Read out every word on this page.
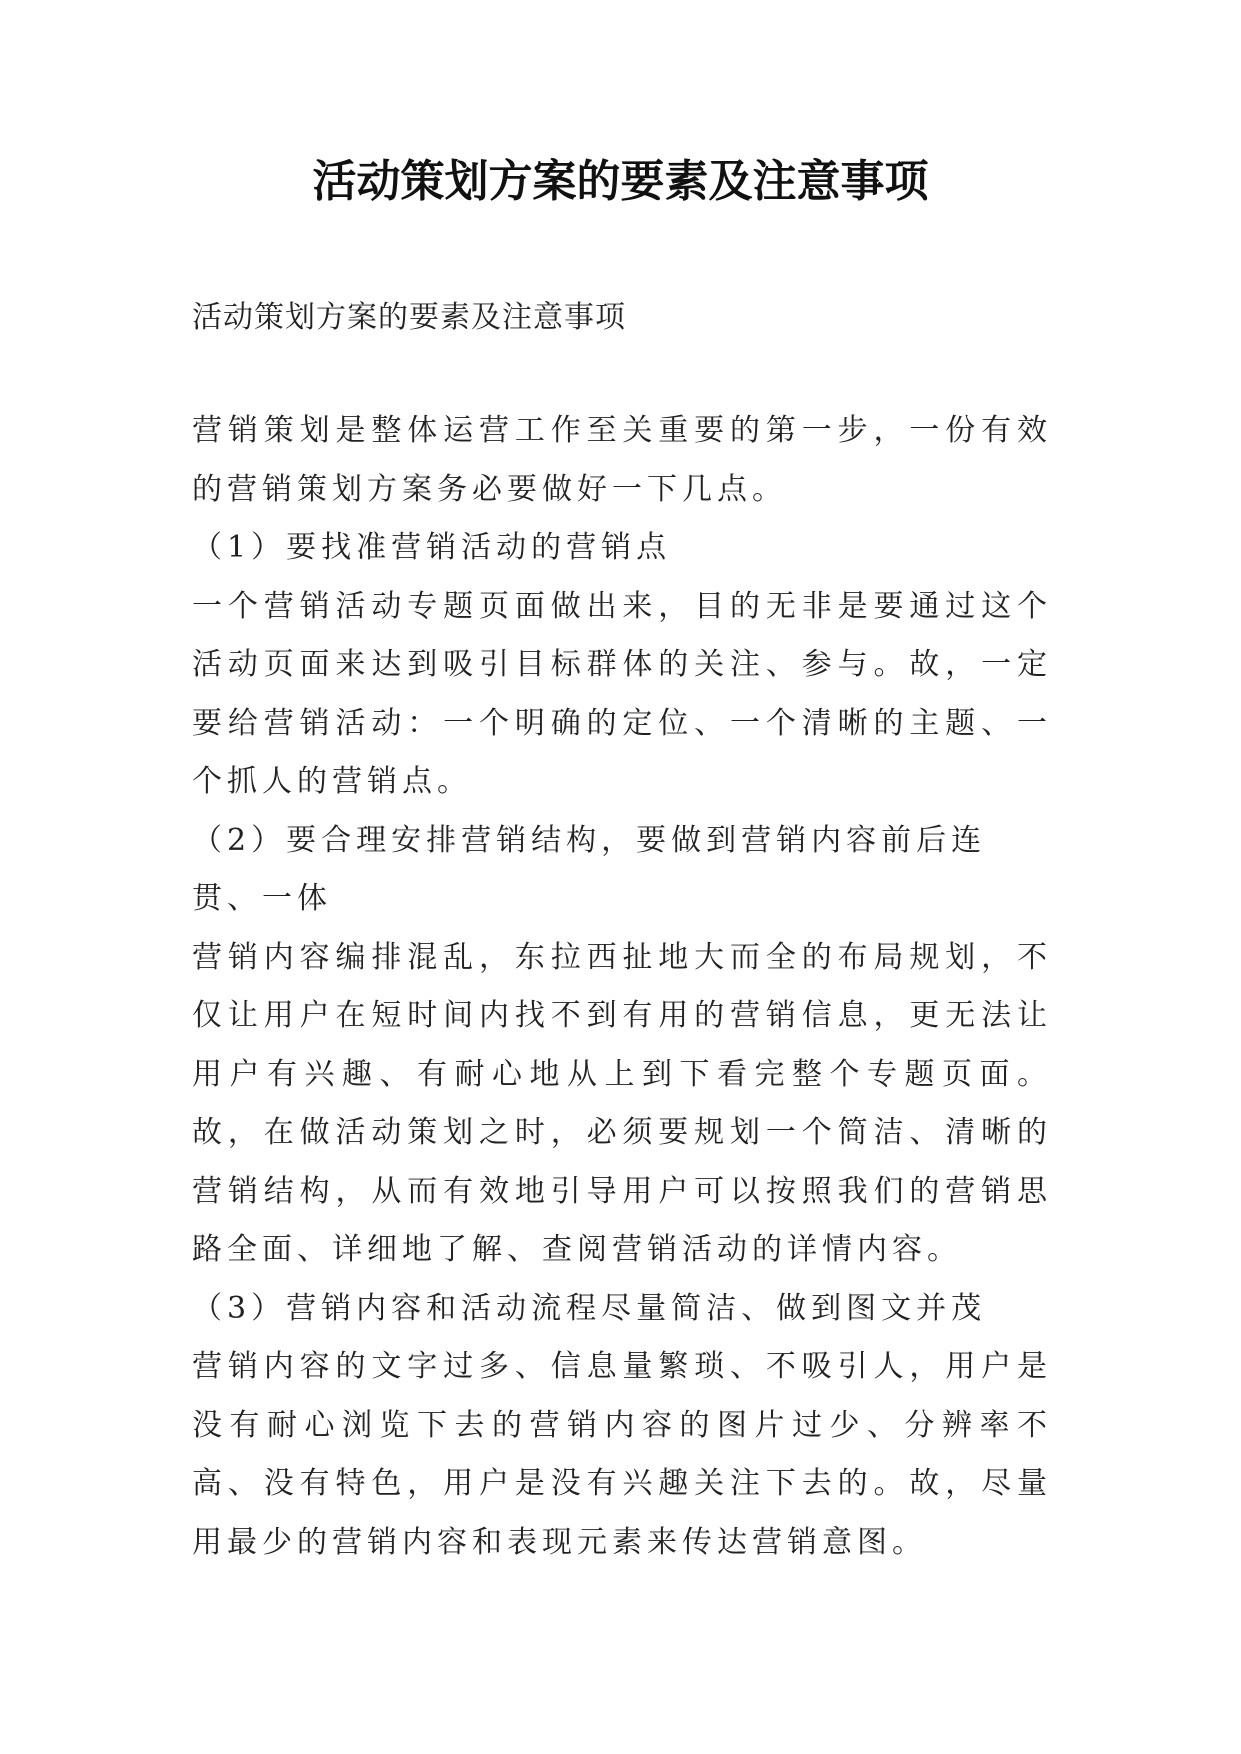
活动策划方案的要素及注意事项

活动策划方案的要素及注意事项

营销策划是整体运营工作至关重要的第一步，一份有效的营销策划方案务必要做好一下几点。

（1）要找准营销活动的营销点

一个营销活动专题页面做出来，目的无非是要通过这个活动页面来达到吸引目标群体的关注、参与。故，一定要给营销活动：一个明确的定位、一个清晰的主题、一个抓人的营销点。

（2）要合理安排营销结构，要做到营销内容前后连贯、一体

营销内容编排混乱，东拉西扯地大而全的布局规划，不仅让用户在短时间内找不到有用的营销信息，更无法让用户有兴趣、有耐心地从上到下看完整个专题页面。故，在做活动策划之时，必须要规划一个简洁、清晰的营销结构，从而有效地引导用户可以按照我们的营销思路全面、详细地了解、查阅营销活动的详情内容。

（3）营销内容和活动流程尽量简洁、做到图文并茂

营销内容的文字过多、信息量繁琐、不吸引人，用户是没有耐心浏览下去的营销内容的图片过少、分辨率不高、没有特色，用户是没有兴趣关注下去的。故，尽量用最少的营销内容和表现元素来传达营销意图。
